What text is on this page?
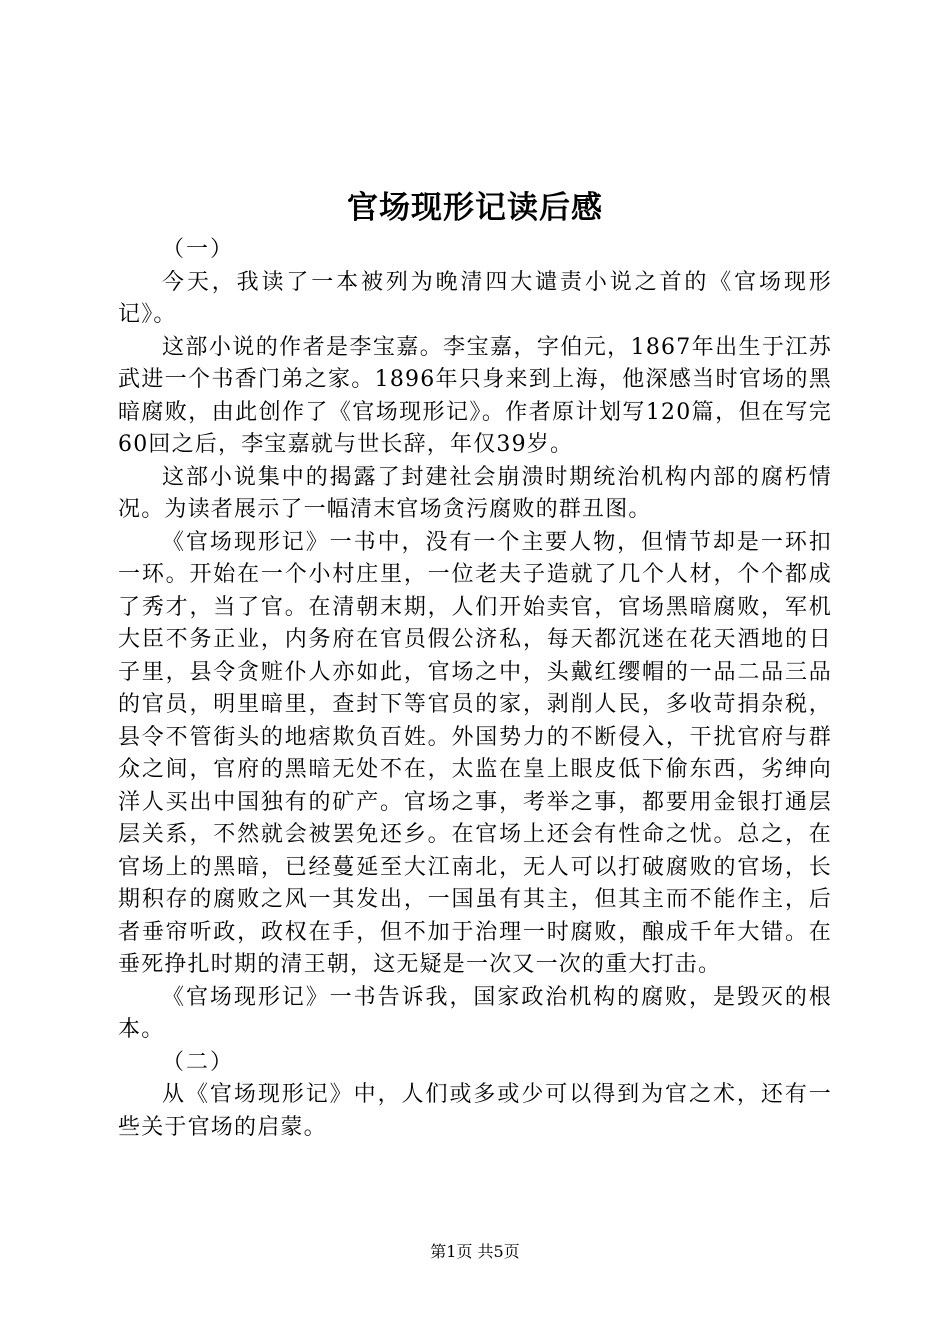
官场现形记读后感

（一）

今天，我读了一本被列为晚清四大谴责小说之首的《官场现形记》。

这部小说的作者是李宝嘉。李宝嘉，字伯元，1867年出生于江苏武进一个书香门弟之家。1896年只身来到上海，他深感当时官场的黑暗腐败，由此创作了《官场现形记》。作者原计划写120篇，但在写完60回之后，李宝嘉就与世长辞，年仅39岁。

这部小说集中的揭露了封建社会崩溃时期统治机构内部的腐朽情况。为读者展示了一幅清末官场贪污腐败的群丑图。

《官场现形记》一书中，没有一个主要人物，但情节却是一环扣一环。开始在一个小村庄里，一位老夫子造就了几个人材，个个都成了秀才，当了官。在清朝末期，人们开始卖官，官场黑暗腐败，军机大臣不务正业，内务府在官员假公济私，每天都沉迷在花天酒地的日子里，县令贪赃仆人亦如此，官场之中，头戴红缨帽的一品二品三品的官员，明里暗里，查封下等官员的家，剥削人民，多收苛捐杂税，县令不管街头的地痞欺负百姓。外国势力的不断侵入，干扰官府与群众之间，官府的黑暗无处不在，太监在皇上眼皮低下偷东西，劣绅向洋人买出中国独有的矿产。官场之事，考举之事，都要用金银打通层层关系，不然就会被罢免还乡。在官场上还会有性命之忧。总之，在官场上的黑暗，已经蔓延至大江南北，无人可以打破腐败的官场，长期积存的腐败之风一其发出，一国虽有其主，但其主而不能作主，后者垂帘听政，政权在手，但不加于治理一时腐败，酿成千年大错。在垂死挣扎时期的清王朝，这无疑是一次又一次的重大打击。

《官场现形记》一书告诉我，国家政治机构的腐败，是毁灭的根本。

（二）

从《官场现形记》中，人们或多或少可以得到为官之术，还有一些关于官场的启蒙。

第1页 共5页
